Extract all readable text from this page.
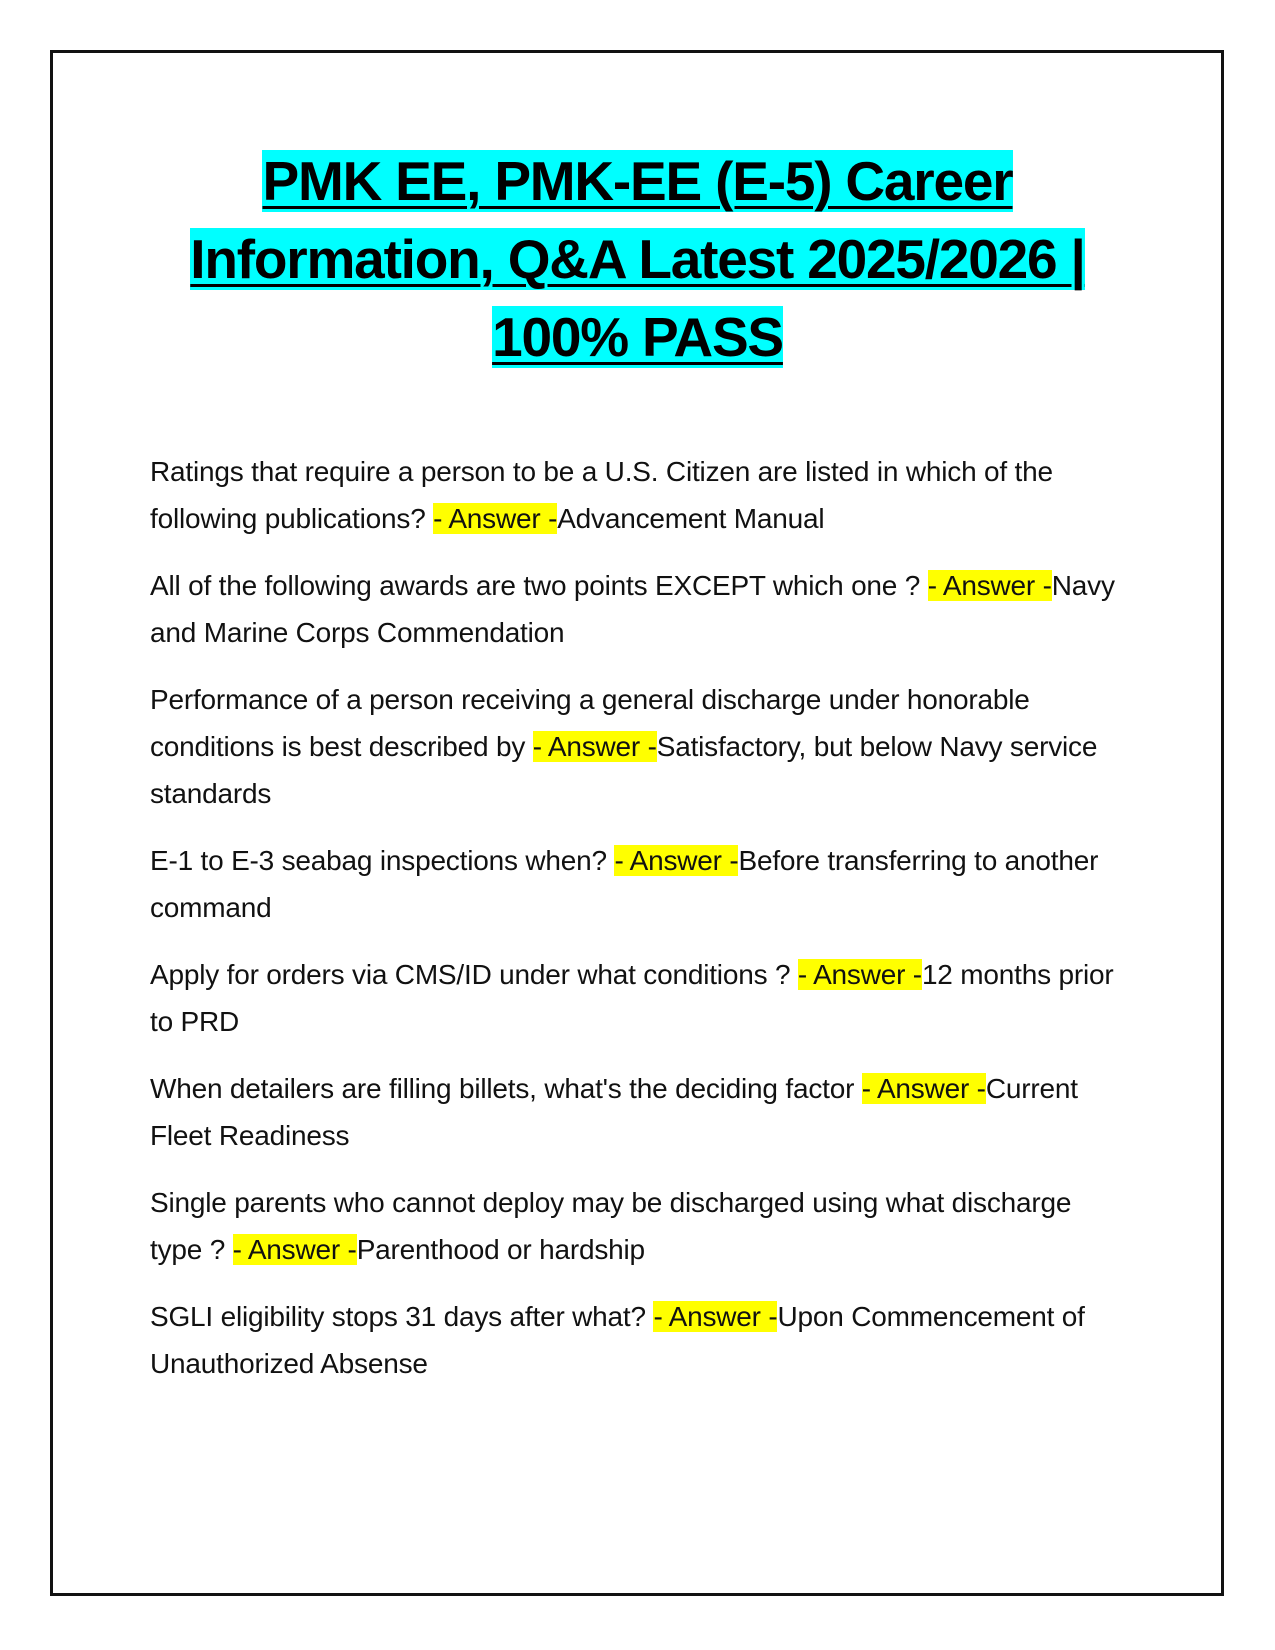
PMK EE, PMK-EE (E-5) Career Information, Q&A Latest 2025/2026 | 100% PASS

Ratings that require a person to be a U.S. Citizen are listed in which of the following publications? - Answer -Advancement Manual

All of the following awards are two points EXCEPT which one ? - Answer -Navy and Marine Corps Commendation

Performance of a person receiving a general discharge under honorable conditions is best described by - Answer -Satisfactory, but below Navy service standards

E-1 to E-3 seabag inspections when? - Answer -Before transferring to another command

Apply for orders via CMS/ID under what conditions ? - Answer -12 months prior to PRD

When detailers are filling billets, what's the deciding factor - Answer -Current Fleet Readiness

Single parents who cannot deploy may be discharged using what discharge type ? - Answer -Parenthood or hardship

SGLI eligibility stops 31 days after what? - Answer -Upon Commencement of Unauthorized Absense
